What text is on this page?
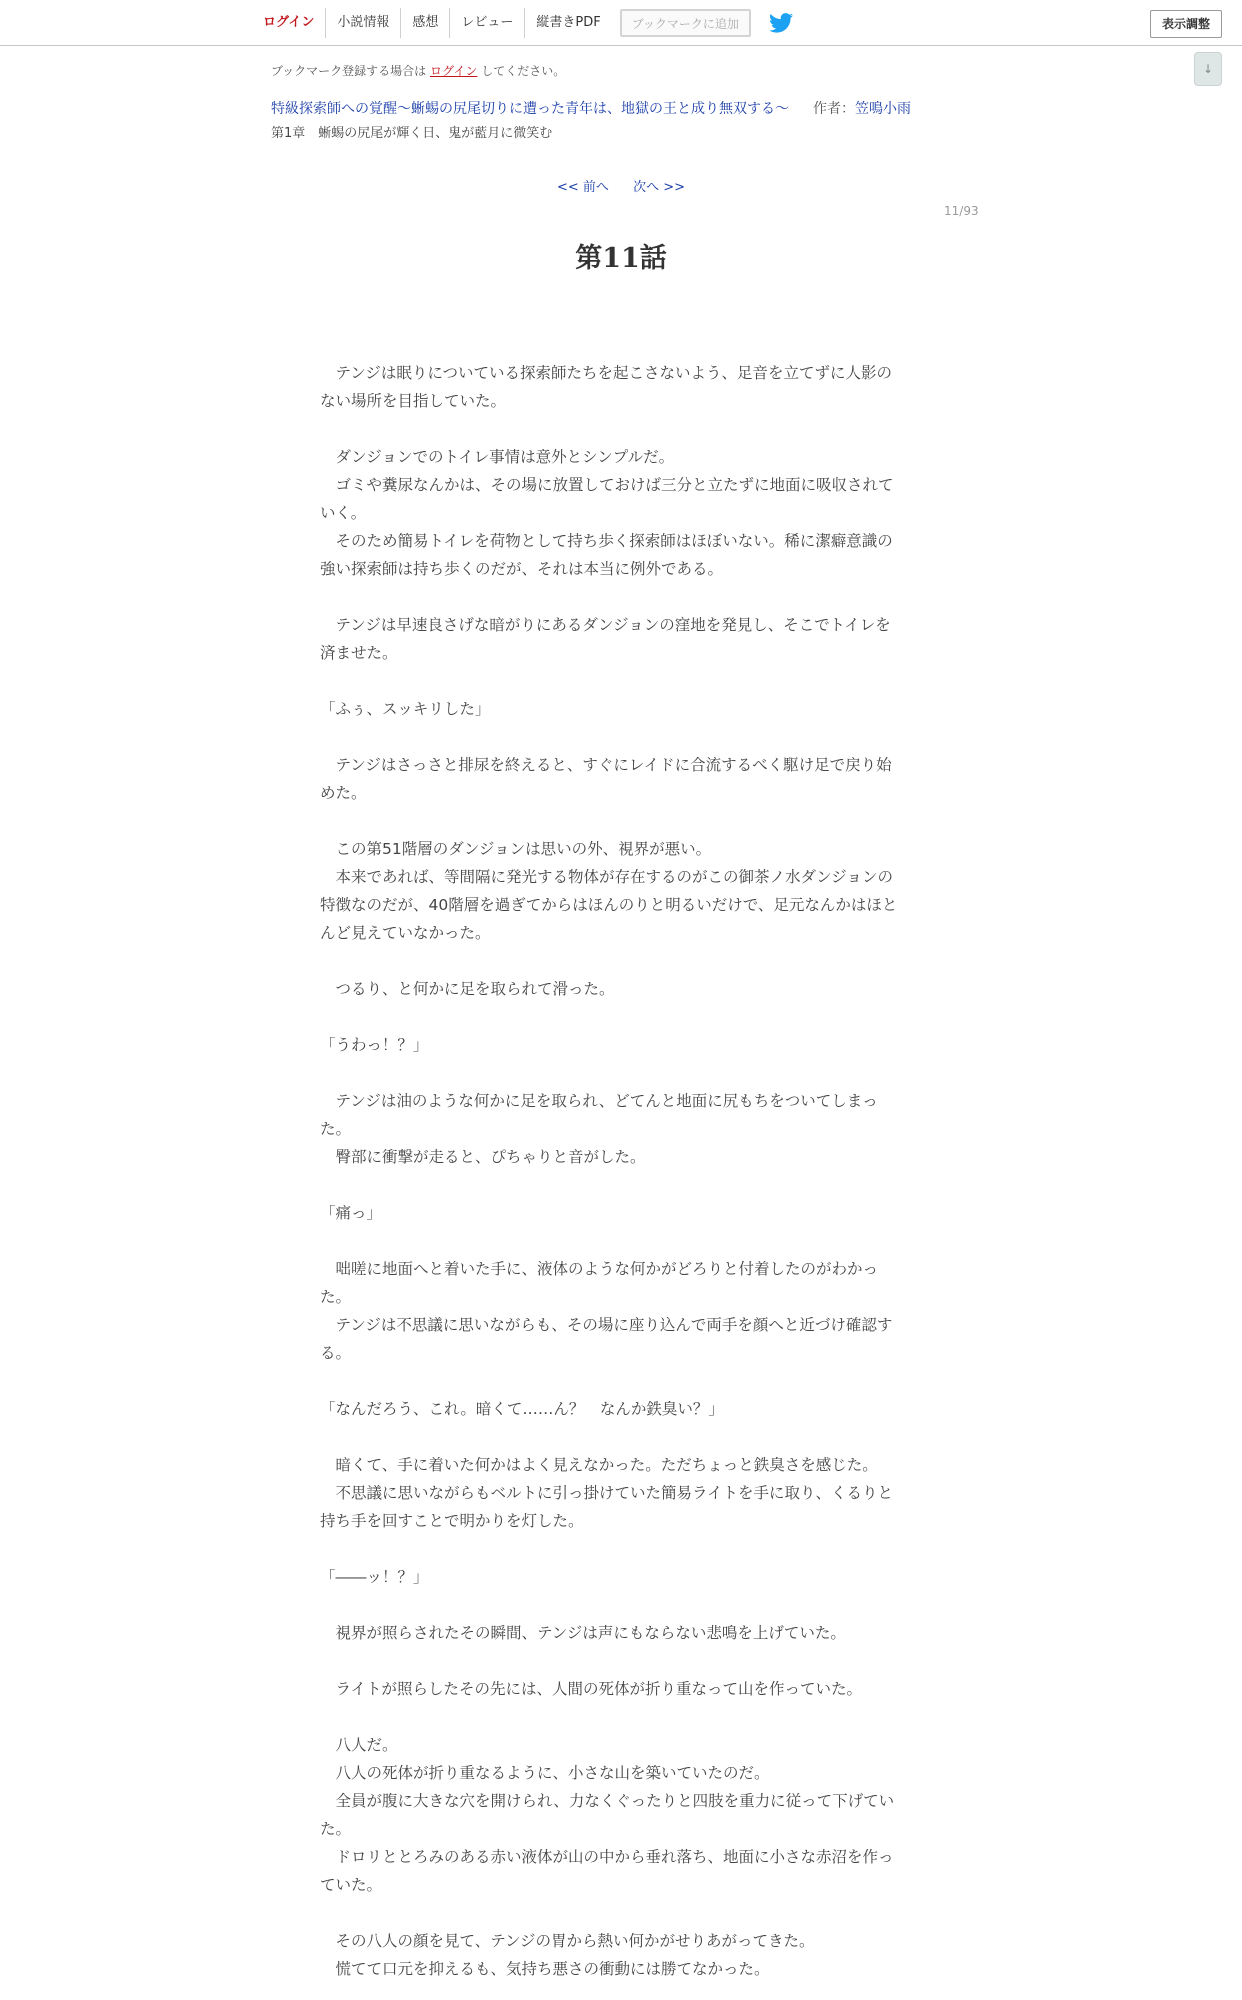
ログイン	小説情報	感想	レビュー	縦書きPDF	ブックマークに追加	表示調整
↓
ブックマーク登録する場合は ログイン してください。
特級探索師への覚醒～蜥蜴の尻尾切りに遭った青年は、地獄の王と成り無双する～ 作者：笠鳴小雨
第1章　蜥蜴の尻尾が輝く日、鬼が藍月に微笑む
<< 前へ 次へ >>
11/93
第11話

　テンジは眠りについている探索師たちを起こさないよう、足音を立てずに人影の

ない場所を目指していた。

　ダンジョンでのトイレ事情は意外とシンプルだ。

　ゴミや糞尿なんかは、その場に放置しておけば三分と立たずに地面に吸収されて

いく。

　そのため簡易トイレを荷物として持ち歩く探索師はほぼいない。稀に潔癖意識の

強い探索師は持ち歩くのだが、それは本当に例外である。

　テンジは早速良さげな暗がりにあるダンジョンの窪地を発見し、そこでトイレを

済ませた。

「ふぅ、スッキリした」

　テンジはさっさと排尿を終えると、すぐにレイドに合流するべく駆け足で戻り始

めた。

　この第51階層のダンジョンは思いの外、視界が悪い。

　本来であれば、等間隔に発光する物体が存在するのがこの御茶ノ水ダンジョンの

特徴なのだが、40階層を過ぎてからはほんのりと明るいだけで、足元なんかはほと

んど見えていなかった。

　つるり、と何かに足を取られて滑った。

「うわっ！？」

　テンジは油のような何かに足を取られ、どてんと地面に尻もちをついてしまっ

た。

　臀部に衝撃が走ると、ぴちゃりと音がした。

「痛っ」

　咄嗟に地面へと着いた手に、液体のような何かがどろりと付着したのがわかっ

た。

　テンジは不思議に思いながらも、その場に座り込んで両手を顔へと近づけ確認す

る。

「なんだろう、これ。暗くて……ん？　なんか鉄臭い？」

　暗くて、手に着いた何かはよく見えなかった。ただちょっと鉄臭さを感じた。

　不思議に思いながらもベルトに引っ掛けていた簡易ライトを手に取り、くるりと

持ち手を回すことで明かりを灯した。

「――ッ！？」

　視界が照らされたその瞬間、テンジは声にもならない悲鳴を上げていた。

　ライトが照らしたその先には、人間の死体が折り重なって山を作っていた。

　八人だ。

　八人の死体が折り重なるように、小さな山を築いていたのだ。

　全員が腹に大きな穴を開けられ、力なくぐったりと四肢を重力に従って下げてい

た。

　ドロリととろみのある赤い液体が山の中から垂れ落ち、地面に小さな赤沼を作っ

ていた。

　その八人の顔を見て、テンジの胃から熱い何かがせりあがってきた。

　慌てて口元を抑えるも、気持ち悪さの衝動には勝てなかった。
